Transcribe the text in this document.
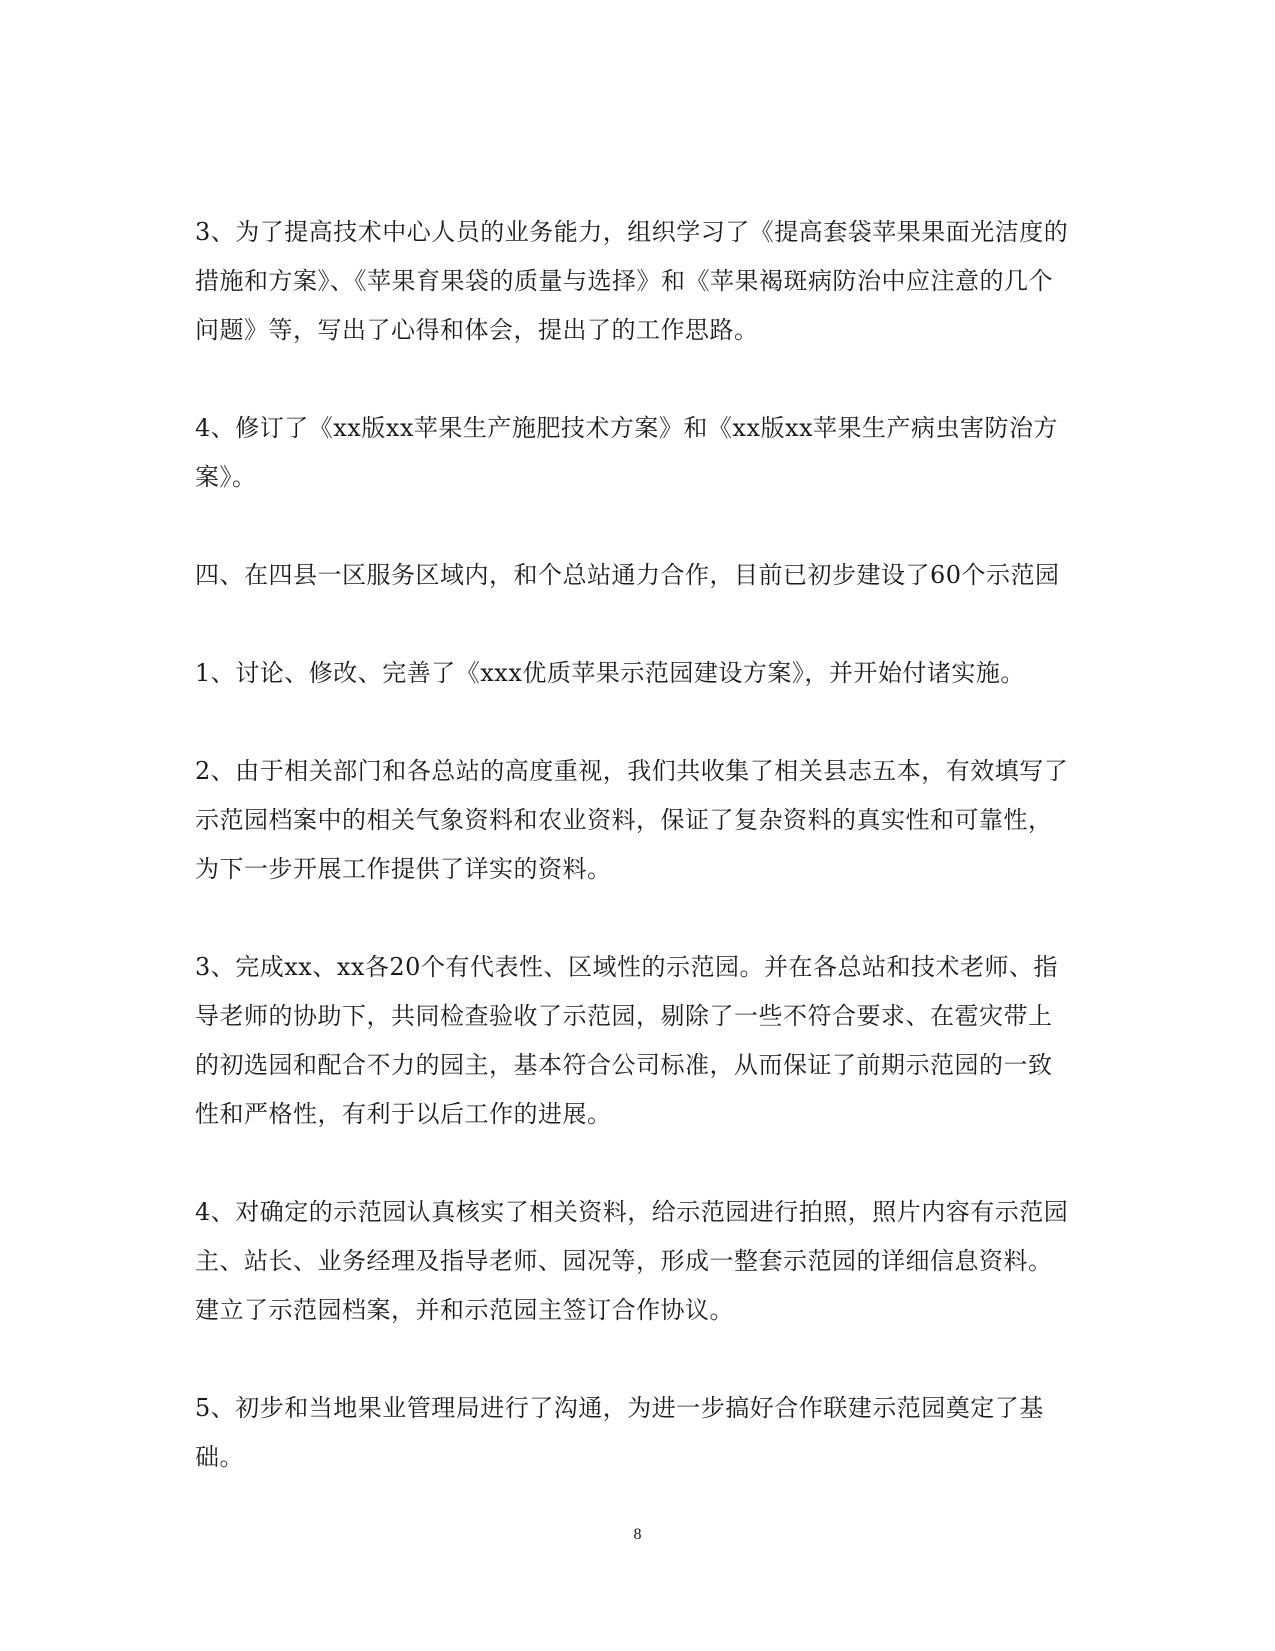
3、为了提高技术中心人员的业务能力，组织学习了《提高套袋苹果果面光洁度的措施和方案》、《苹果育果袋的质量与选择》和《苹果褐斑病防治中应注意的几个问题》等，写出了心得和体会，提出了的工作思路。

4、修订了《xx版xx苹果生产施肥技术方案》和《xx版xx苹果生产病虫害防治方案》。

四、在四县一区服务区域内，和个总站通力合作，目前已初步建设了60个示范园

1、讨论、修改、完善了《xxx优质苹果示范园建设方案》，并开始付诸实施。

2、由于相关部门和各总站的高度重视，我们共收集了相关县志五本，有效填写了示范园档案中的相关气象资料和农业资料，保证了复杂资料的真实性和可靠性，为下一步开展工作提供了详实的资料。

3、完成xx、xx各20个有代表性、区域性的示范园。并在各总站和技术老师、指导老师的协助下，共同检查验收了示范园，剔除了一些不符合要求、在雹灾带上的初选园和配合不力的园主，基本符合公司标准，从而保证了前期示范园的一致性和严格性，有利于以后工作的进展。

4、对确定的示范园认真核实了相关资料，给示范园进行拍照，照片内容有示范园主、站长、业务经理及指导老师、园况等，形成一整套示范园的详细信息资料。建立了示范园档案，并和示范园主签订合作协议。

5、初步和当地果业管理局进行了沟通，为进一步搞好合作联建示范园奠定了基础。

8
